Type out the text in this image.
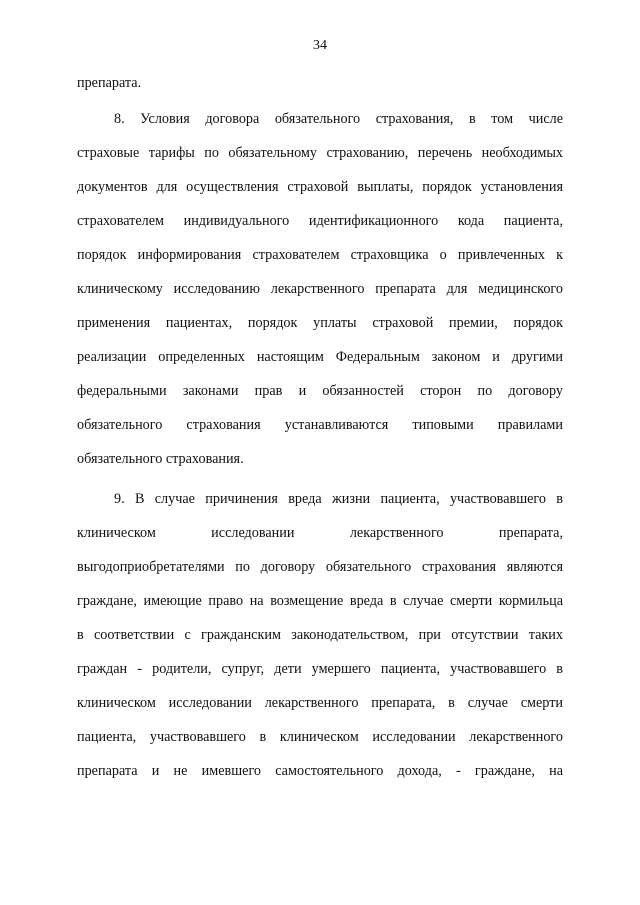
34
препарата.
8. Условия договора обязательного страхования, в том числе
страховые тарифы по обязательному страхованию, перечень необходимых
документов для осуществления страховой выплаты, порядок установления
страхователем индивидуального идентификационного кода пациента,
порядок информирования страхователем страховщика о привлеченных к
клиническому исследованию лекарственного препарата для медицинского
применения пациентах, порядок уплаты страховой премии, порядок
реализации определенных настоящим Федеральным законом и другими
федеральными законами прав и обязанностей сторон по договору
обязательного страхования устанавливаются типовыми правилами
обязательного страхования.
9. В случае причинения вреда жизни пациента, участвовавшего в
клиническом исследовании лекарственного препарата,
выгодоприобретателями по договору обязательного страхования являются
граждане, имеющие право на возмещение вреда в случае смерти кормильца
в соответствии с гражданским законодательством, при отсутствии таких
граждан - родители, супруг, дети умершего пациента, участвовавшего в
клиническом исследовании лекарственного препарата, в случае смерти
пациента, участвовавшего в клиническом исследовании лекарственного
препарата и не имевшего самостоятельного дохода, - граждане, на
